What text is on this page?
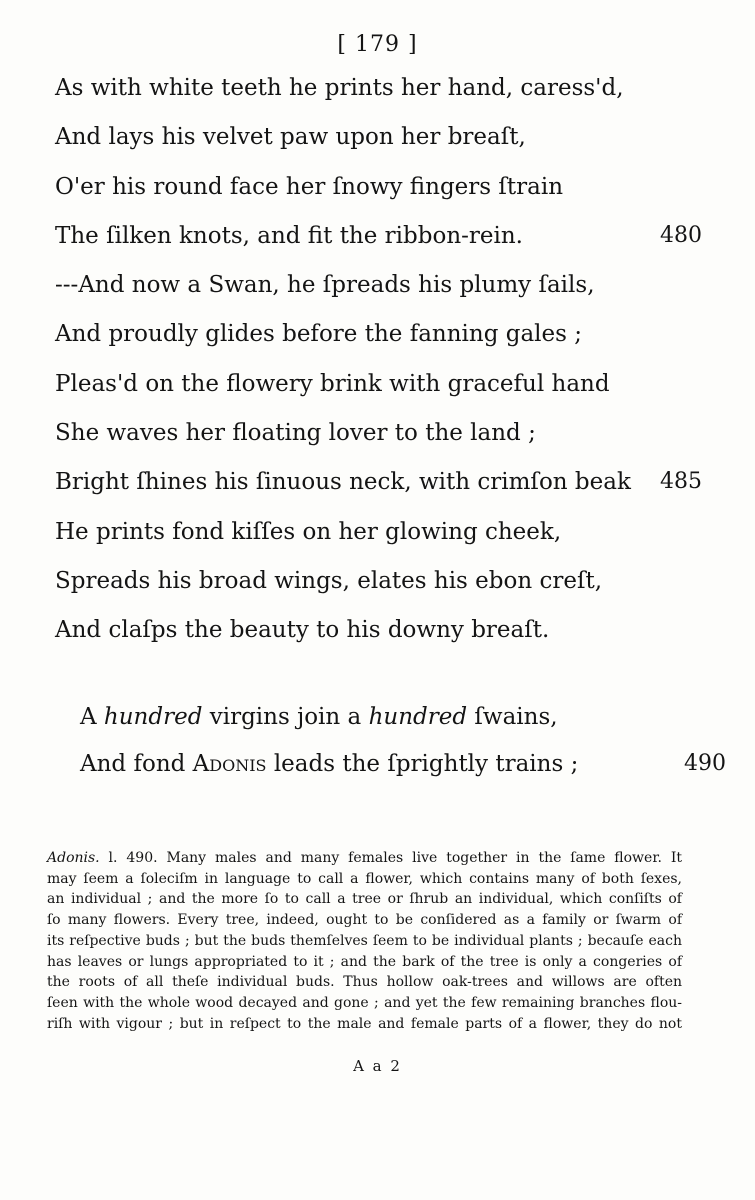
[ 179 ]
As with white teeth he prints her hand, caress'd,
And lays his velvet paw upon her breaſt,
O'er his round face her ſnowy fingers ſtrain
The ſilken knots, and fit the ribbon-rein.	480
---And now a Swan, he ſpreads his plumy ſails,
And proudly glides before the fanning gales ;
Pleas'd on the flowery brink with graceful hand
She waves her floating lover to the land ;
Bright ſhines his ſinuous neck, with crimſon beak 485
He prints fond kiſſes on her glowing cheek,
Spreads his broad wings, elates his ebon creſt,
And claſps the beauty to his downy breaſt.
A hundred virgins join a hundred ſwains,
And fond Adonis leads the ſprightly trains ;	490
Adonis. l. 490. Many males and many females live together in the ſame flower. It
may ſeem a ſoleciſm in language to call a flower, which contains many of both ſexes,
an individual ; and the more ſo to call a tree or ſhrub an individual, which conſiſts of
ſo many flowers. Every tree, indeed, ought to be conſidered as a family or ſwarm of
its reſpective buds ; but the buds themſelves ſeem to be individual plants ; becauſe each
has leaves or lungs appropriated to it ; and the bark of the tree is only a congeries of
the roots of all theſe individual buds. Thus hollow oak-trees and willows are often
ſeen with the whole wood decayed and gone ; and yet the few remaining branches flou-
riſh with vigour ; but in reſpect to the male and female parts of a flower, they do not
A a 2
